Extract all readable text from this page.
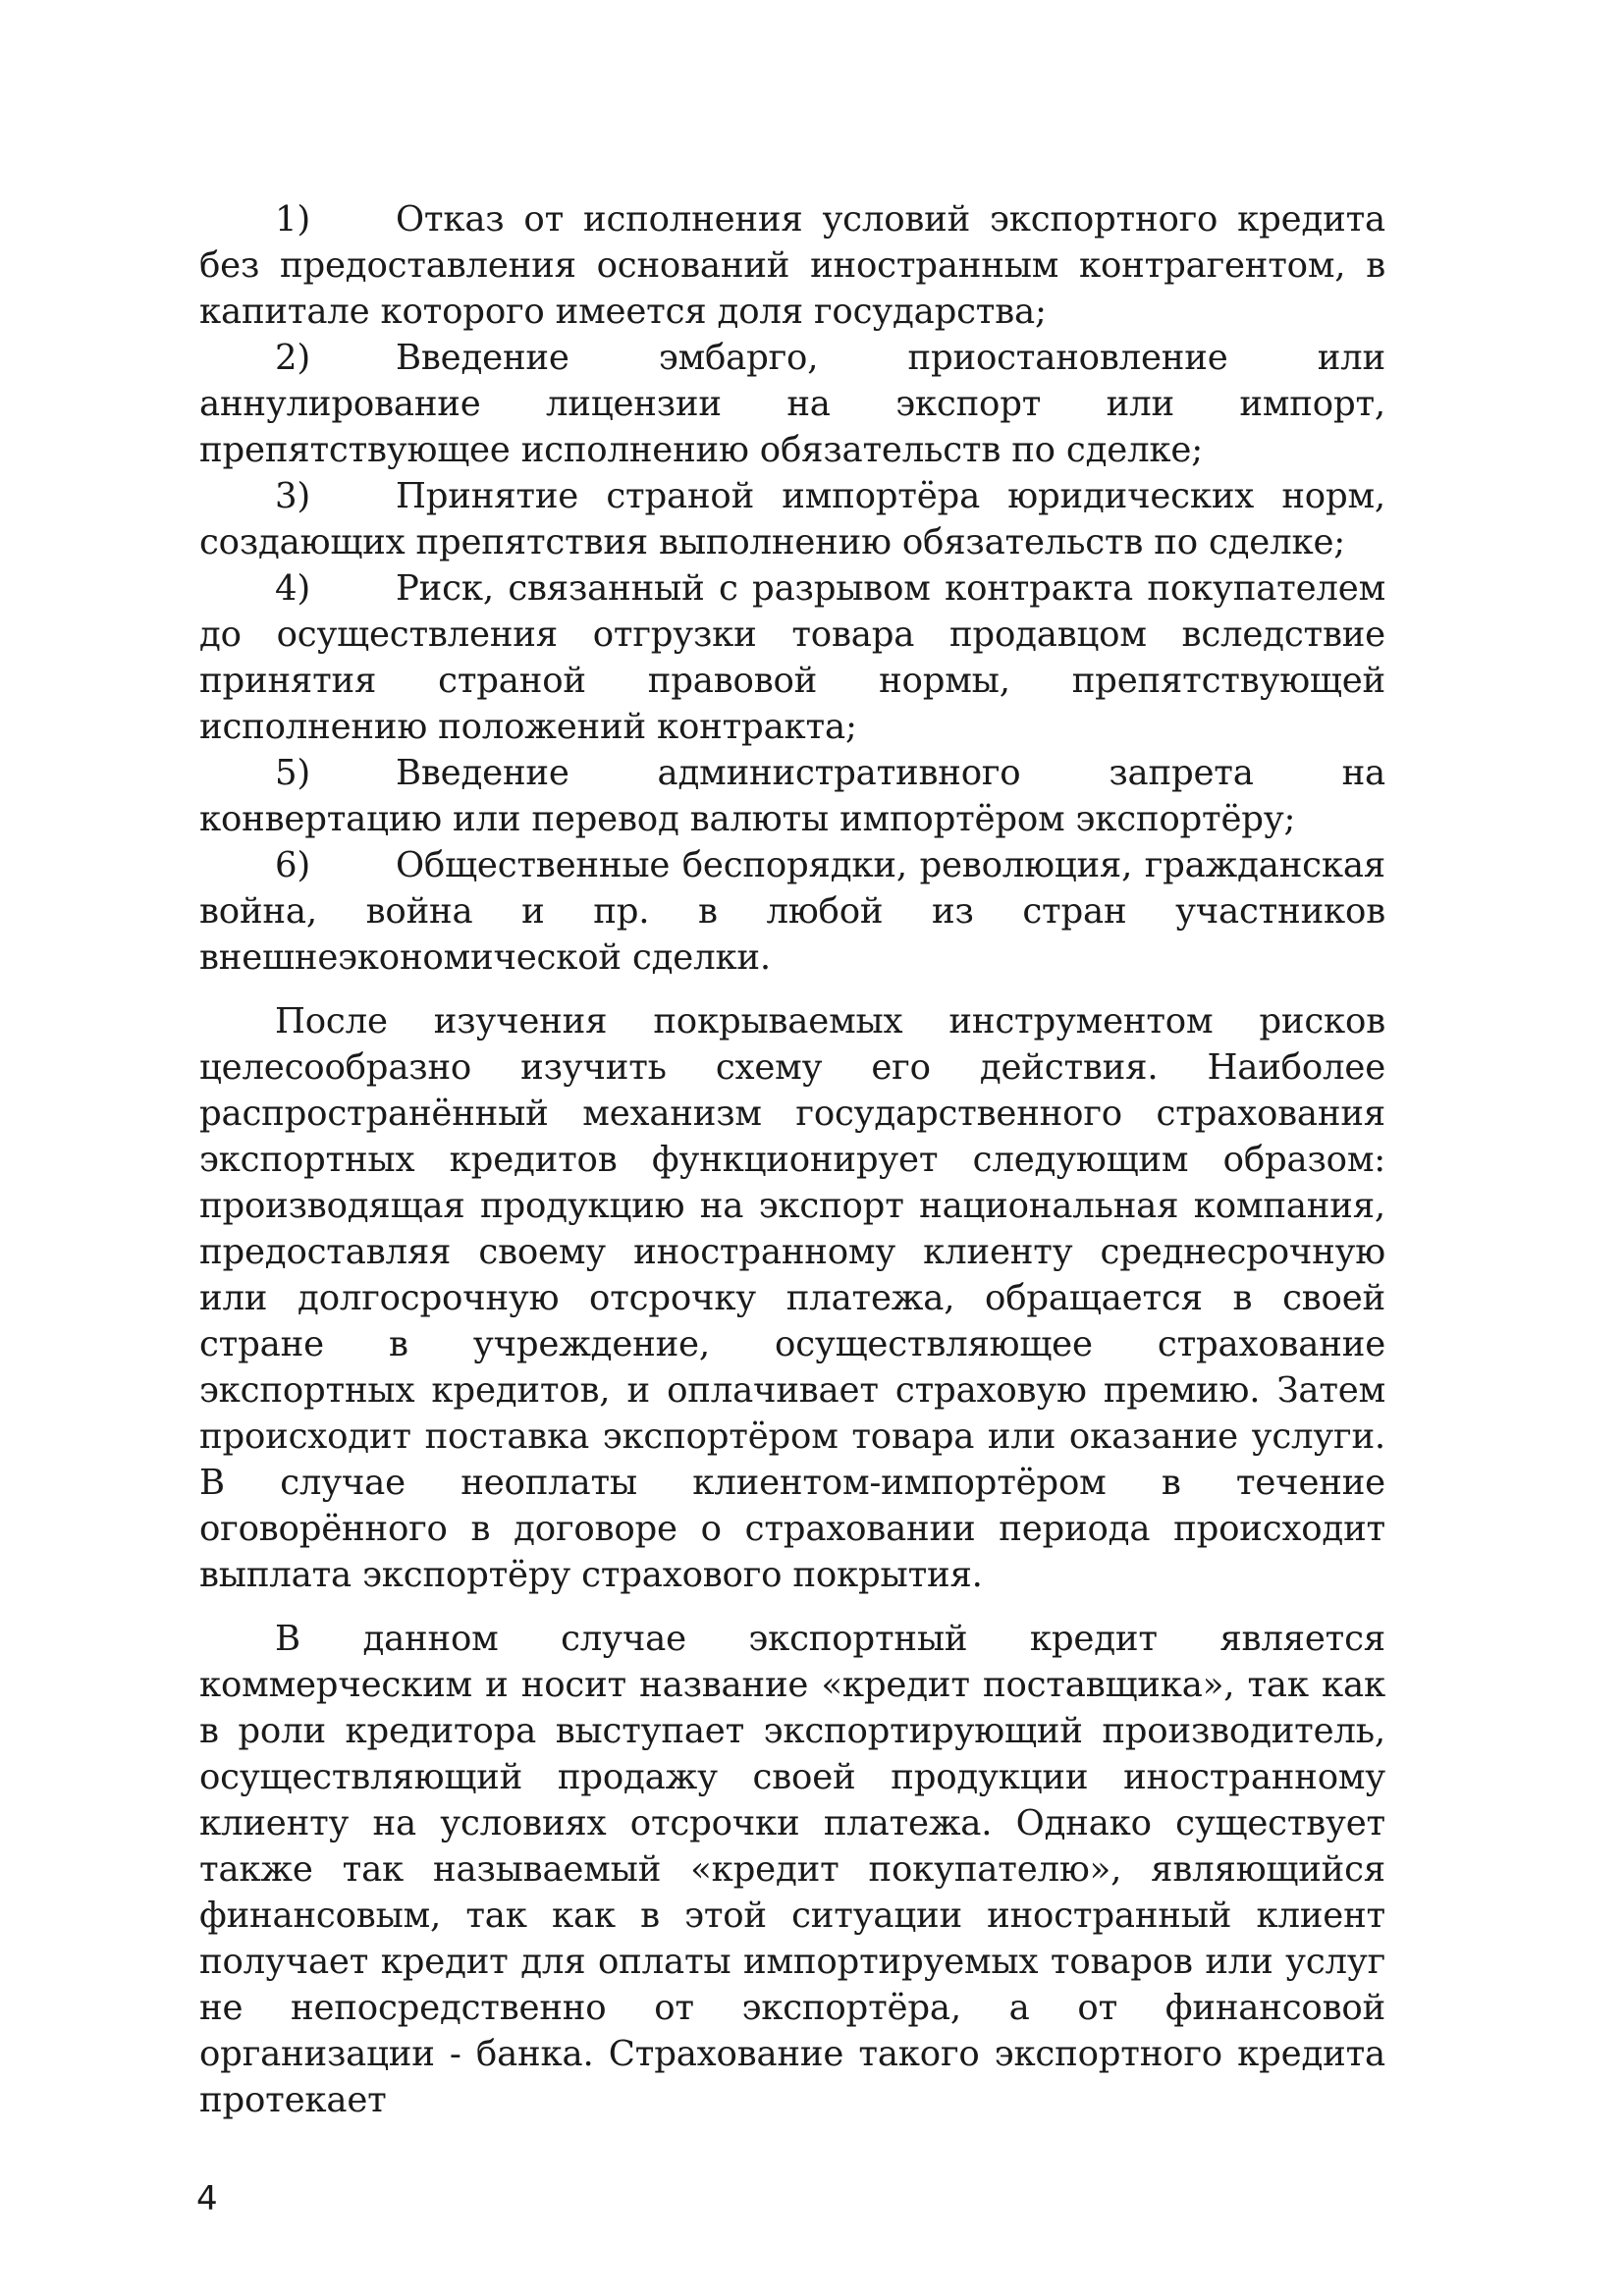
1) Отказ от исполнения условий экспортного кредита без предоставления оснований иностранным контрагентом, в капитале которого имеется доля государства;

2) Введение эмбарго, приостановление или аннулирование лицензии на экспорт или импорт, препятствующее исполнению обязательств по сделке;

3) Принятие страной импортёра юридических норм, создающих препятствия выполнению обязательств по сделке;

4) Риск, связанный с разрывом контракта покупателем до осуществления отгрузки товара продавцом вследствие принятия страной правовой нормы, препятствующей исполнению положений контракта;

5) Введение административного запрета на конвертацию или перевод валюты импортёром экспортёру;

6) Общественные беспорядки, революция, гражданская война, война и пр. в любой из стран участников внешнеэкономической сделки.

После изучения покрываемых инструментом рисков целесообразно изучить схему его действия. Наиболее распространённый механизм государственного страхования экспортных кредитов функционирует следующим образом: производящая продукцию на экспорт национальная компания, предоставляя своему иностранному клиенту среднесрочную или долгосрочную отсрочку платежа, обращается в своей стране в учреждение, осуществляющее страхование экспортных кредитов, и оплачивает страховую премию. Затем происходит поставка экспортёром товара или оказание услуги. В случае неоплаты клиентом-импортёром в течение оговорённого в договоре о страховании периода происходит выплата экспортёру страхового покрытия.

В данном случае экспортный кредит является коммерческим и носит название «кредит поставщика», так как в роли кредитора выступает экспортирующий производитель, осуществляющий продажу своей продукции иностранному клиенту на условиях отсрочки платежа. Однако существует также так называемый «кредит покупателю», являющийся финансовым, так как в этой ситуации иностранный клиент получает кредит для оплаты импортируемых товаров или услуг не непосредственно от экспортёра, а от финансовой организации - банка. Страхование такого экспортного кредита протекает

4
